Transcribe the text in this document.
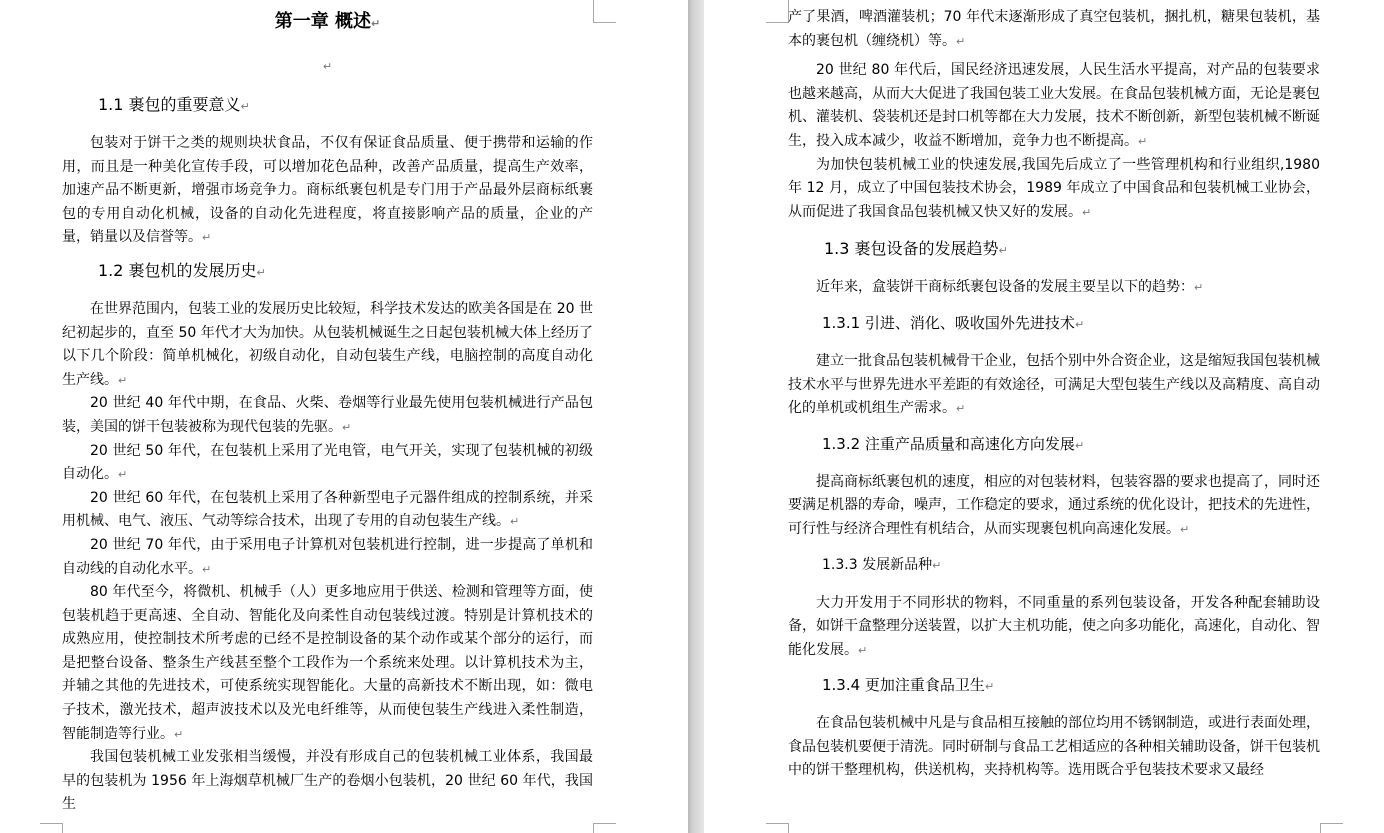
第一章 概述↵
↵
1.1 裹包的重要意义↵

包装对于饼干之类的规则块状食品，不仅有保证食品质量、便于携带和运输的作用，而且是一种美化宣传手段，可以增加花色品种，改善产品质量，提高生产效率，加速产品不断更新，增强市场竞争力。商标纸裹包机是专门用于产品最外层商标纸裹包的专用自动化机械，设备的自动化先进程度，将直接影响产品的质量，企业的产量，销量以及信誉等。↵

1.2 裹包机的发展历史↵

在世界范围内，包装工业的发展历史比较短，科学技术发达的欧美各国是在 20 世纪初起步的，直至 50 年代才大为加快。从包装机械诞生之日起包装机械大体上经历了以下几个阶段：简单机械化，初级自动化，自动包装生产线，电脑控制的高度自动化生产线。↵

20 世纪 40 年代中期，在食品、火柴、卷烟等行业最先使用包装机械进行产品包装，美国的饼干包装被称为现代包装的先驱。↵

20 世纪 50 年代，在包装机上采用了光电管，电气开关，实现了包装机械的初级自动化。↵

20 世纪 60 年代，在包装机上采用了各种新型电子元器件组成的控制系统，并采用机械、电气、液压、气动等综合技术，出现了专用的自动包装生产线。↵

20 世纪 70 年代，由于采用电子计算机对包装机进行控制，进一步提高了单机和自动线的自动化水平。↵

80 年代至今，将微机、机械手（人）更多地应用于供送、检测和管理等方面，使包装机趋于更高速、全自动、智能化及向柔性自动包装线过渡。特别是计算机技术的成熟应用，使控制技术所考虑的已经不是控制设备的某个动作或某个部分的运行，而是把整台设备、整条生产线甚至整个工段作为一个系统来处理。以计算机技术为主，并辅之其他的先进技术，可使系统实现智能化。大量的高新技术不断出现，如：微电子技术，激光技术，超声波技术以及光电纤维等，从而使包装生产线进入柔性制造，智能制造等行业。↵

我国包装机械工业发张相当缓慢，并没有形成自己的包装机械工业体系，我国最早的包装机为 1956 年上海烟草机械厂生产的卷烟小包装机，20 世纪 60 年代，我国生

产了果酒，啤酒灌装机；70 年代末逐渐形成了真空包装机，捆扎机，糖果包装机，基本的裹包机（缠绕机）等。↵

20 世纪 80 年代后，国民经济迅速发展，人民生活水平提高，对产品的包装要求也越来越高，从而大大促进了我国包装工业大发展。在食品包装机械方面，无论是裹包机、灌装机、袋装机还是封口机等都在大力发展，技术不断创新，新型包装机械不断诞生，投入成本减少，收益不断增加，竞争力也不断提高。↵

为加快包装机械工业的快速发展,我国先后成立了一些管理机构和行业组织,1980 年 12 月，成立了中国包装技术协会，1989 年成立了中国食品和包装机械工业协会，从而促进了我国食品包装机械又快又好的发展。↵

1.3 裹包设备的发展趋势↵

近年来，盒装饼干商标纸裹包设备的发展主要呈以下的趋势：↵

1.3.1 引进、消化、吸收国外先进技术↵

建立一批食品包装机械骨干企业，包括个别中外合资企业，这是缩短我国包装机械技术水平与世界先进水平差距的有效途径，可满足大型包装生产线以及高精度、高自动化的单机或机组生产需求。↵

1.3.2 注重产品质量和高速化方向发展↵

提高商标纸裹包机的速度，相应的对包装材料，包装容器的要求也提高了，同时还要满足机器的寿命，噪声，工作稳定的要求，通过系统的优化设计，把技术的先进性，可行性与经济合理性有机结合，从而实现裹包机向高速化发展。↵

1.3.3 发展新品种↵

大力开发用于不同形状的物料，不同重量的系列包装设备，开发各种配套辅助设备，如饼干盒整理分送装置，以扩大主机功能，使之向多功能化，高速化，自动化、智能化发展。↵

1.3.4 更加注重食品卫生↵

在食品包装机械中凡是与食品相互接触的部位均用不锈钢制造，或进行表面处理，食品包装机要便于清洗。同时研制与食品工艺相适应的各种相关辅助设备，饼干包装机中的饼干整理机构，供送机构，夹持机构等。选用既合乎包装技术要求又最经
